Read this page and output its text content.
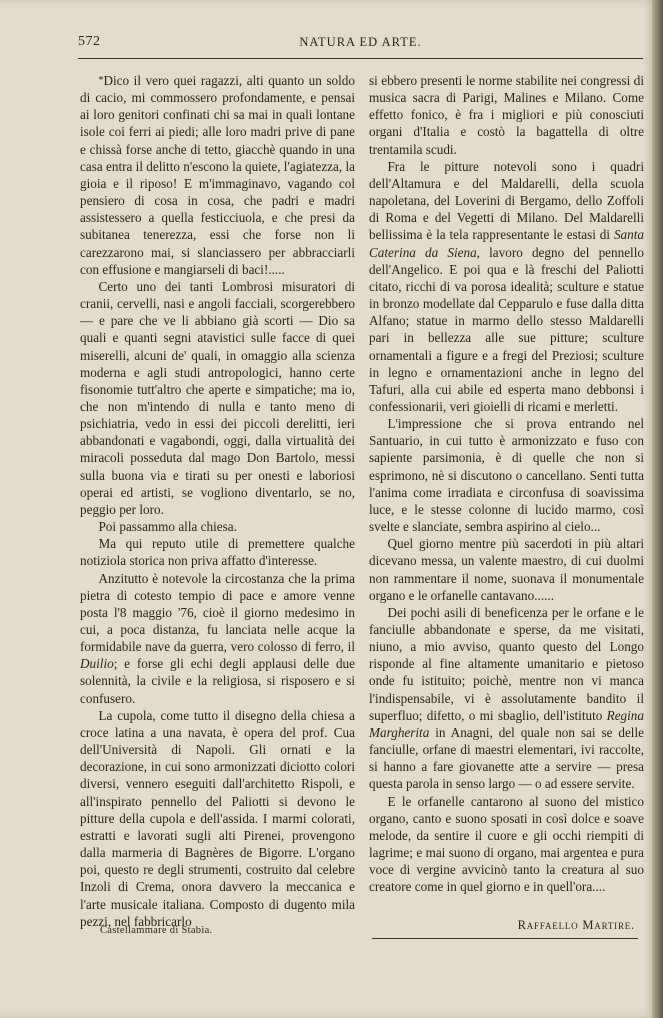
572	NATURA ED ARTE.

*Dico il vero quei ragazzi, alti quanto un soldo di cacio, mi commossero profondamente, e pensai ai loro genitori confinati chi sa mai in quali lontane isole coi ferri ai piedi; alle loro madri prive di pane e chissà forse anche di tetto, giacchè quando in una casa entra il delitto n'escono la quiete, l'agiatezza, la gioia e il riposo! E m'immaginavo, vagando col pensiero di cosa in cosa, che padri e madri assistessero a quella festicciuola, e che presi da subitanea tenerezza, essi che forse non li carezzarono mai, si slanciassero per abbracciarli con effusione e mangiarseli di baci!.....

Certo uno dei tanti Lombrosi misuratori di cranii, cervelli, nasi e angoli facciali, scorgerebbero — e pare che ve li abbiano già scorti — Dio sa quali e quanti segni atavistici sulle facce di quei miserelli, alcuni de' quali, in omaggio alla scienza moderna e agli studi antropologici, hanno certe fisonomie tutt'altro che aperte e simpatiche; ma io, che non m'intendo di nulla e tanto meno di psichiatria, vedo in essi dei piccoli derelitti, ieri abbandonati e vagabondi, oggi, dalla virtualità dei miracoli posseduta dal mago Don Bartolo, messi sulla buona via e tirati su per onesti e laboriosi operai ed artisti, se vogliono diventarlo, se no, peggio per loro.

Poi passammo alla chiesa.

Ma qui reputo utile di premettere qualche notiziola storica non priva affatto d'interesse.

Anzitutto è notevole la circostanza che la prima pietra di cotesto tempio di pace e amore venne posta l'8 maggio '76, cioè il giorno medesimo in cui, a poca distanza, fu lanciata nelle acque la formidabile nave da guerra, vero colosso di ferro, il Duilio; e forse gli echi degli applausi delle due solennità, la civile e la religiosa, si risposero e si confusero.

La cupola, come tutto il disegno della chiesa a croce latina a una navata, è opera del prof. Cua dell'Università di Napoli. Gli ornati e la decorazione, in cui sono armonizzati diciotto colori diversi, vennero eseguiti dall'architetto Rispoli, e all'inspirato pennello del Paliotti si devono le pitture della cupola e dell'assida. I marmi colorati, estratti e lavorati sugli alti Pirenei, provengono dalla marmeria di Bagnères de Bigorre. L'organo poi, questo re degli strumenti, costruito dal celebre Inzoli di Crema, onora davvero la meccanica e l'arte musicale italiana. Composto di dugento mila pezzi, nel fabbricarlo

si ebbero presenti le norme stabilite nei congressi di musica sacra di Parigi, Malines e Milano. Come effetto fonico, è fra i migliori e più conosciuti organi d'Italia e costò la bagattella di oltre trentamila scudi.

Fra le pitture notevoli sono i quadri dell'Altamura e del Maldarelli, della scuola napoletana, del Loverini di Bergamo, dello Zoffoli di Roma e del Vegetti di Milano. Del Maldarelli bellissima è la tela rappresentante le estasi di Santa Caterina da Siena, lavoro degno del pennello dell'Angelico. E poi qua e là freschi del Paliotti citato, ricchi di va porosa idealità; sculture e statue in bronzo modellate dal Cepparulo e fuse dalla ditta Alfano; statue in marmo dello stesso Maldarelli pari in bellezza alle sue pitture; sculture ornamentali a figure e a fregi del Preziosi; sculture in legno e ornamentazioni anche in legno del Tafuri, alla cui abile ed esperta mano debbonsi i confessionarii, veri gioielli di ricami e merletti.

L'impressione che si prova entrando nel Santuario, in cui tutto è armonizzato e fuso con sapiente parsimonia, è di quelle che non si esprimono, nè si discutono o cancellano. Senti tutta l'anima come irradiata e circonfusa di soavissima luce, e le stesse colonne di lucido marmo, così svelte e slanciate, sembra aspirino al cielo...

Quel giorno mentre più sacerdoti in più altari dicevano messa, un valente maestro, di cui duolmi non rammentare il nome, suonava il monumentale organo e le orfanelle cantavano......

Dei pochi asili di beneficenza per le orfane e le fanciulle abbandonate e sperse, da me visitati, niuno, a mio avviso, quanto questo del Longo risponde al fine altamente umanitario e pietoso onde fu istituito; poichè, mentre non vi manca l'indispensabile, vi è assolutamente bandito il superfluo; difetto, o mi sbaglio, dell'istituto Regina Margherita in Anagni, del quale non sai se delle fanciulle, orfane di maestri elementari, ivi raccolte, si hanno a fare giovanette atte a servire — presa questa parola in senso largo — o ad essere servite.

E le orfanelle cantarono al suono del mistico organo, canto e suono sposati in così dolce e soave melode, da sentire il cuore e gli occhi riempiti di lagrime; e mai suono di organo, mai argentea e pura voce di vergine avvicinò tanto la creatura al suo creatore come in quel giorno e in quell'ora....

Castellammare di Stabia.	Raffaello Martire.
